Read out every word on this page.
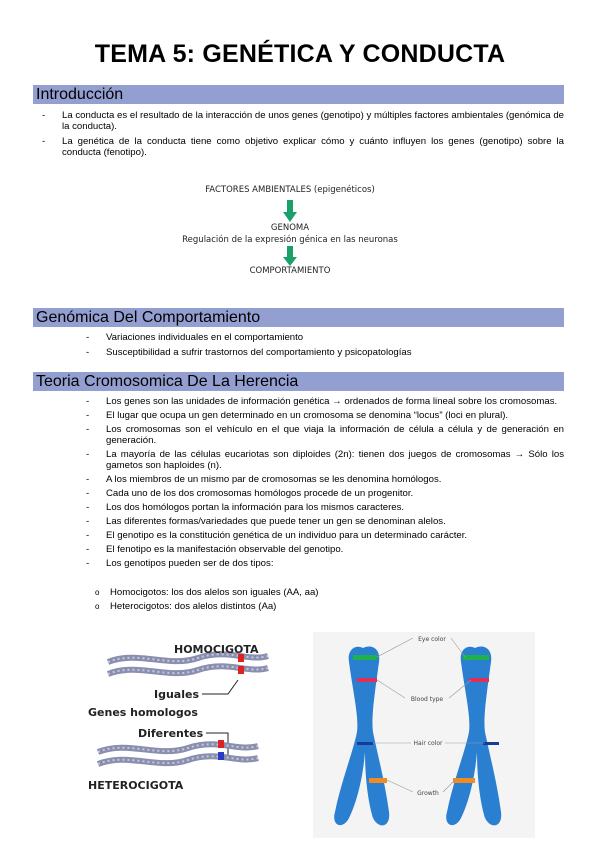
TEMA 5: GENÉTICA Y CONDUCTA
Introducción
- La conducta es el resultado de la interacción de unos genes (genotipo) y múltiples factores ambientales (genómica de la conducta).
- La genética de la conducta tiene como objetivo explicar cómo y cuánto influyen los genes (genotipo) sobre la conducta (fenotipo).
FACTORES AMBIENTALES (epigenéticos)
GENOMA
Regulación de la expresión génica en las neuronas
COMPORTAMIENTO
Genómica Del Comportamiento
- Variaciones individuales en el comportamiento
- Susceptibilidad a sufrir trastornos del comportamiento y psicopatologías
Teoria Cromosomica De La Herencia
- Los genes son las unidades de información genética → ordenados de forma lineal sobre los cromosomas.
- El lugar que ocupa un gen determinado en un cromosoma se denomina “locus” (loci en plural).
- Los cromosomas son el vehículo en el que viaja la información de célula a célula y de generación en generación.
- La mayoría de las células eucariotas son diploides (2n): tienen dos juegos de cromosomas → Sólo los gametos son haploides (n).
- A los miembros de un mismo par de cromosomas se les denomina homólogos.
- Cada uno de los dos cromosomas homólogos procede de un progenitor.
- Los dos homólogos portan la información para los mismos caracteres.
- Las diferentes formas/variedades que puede tener un gen se denominan alelos.
- El genotipo es la constitución genética de un individuo para un determinado carácter.
- El fenotipo es la manifestación observable del genotipo.
- Los genotipos pueden ser de dos tipos:
o Homocigotos: los dos alelos son iguales (AA, aa)
o Heterocigotos: dos alelos distintos (Aa)
HOMOCIGOTA
Iguales
Genes homologos
Diferentes
HETEROCIGOTA
Eye color
Blood type
Hair color
Growth
